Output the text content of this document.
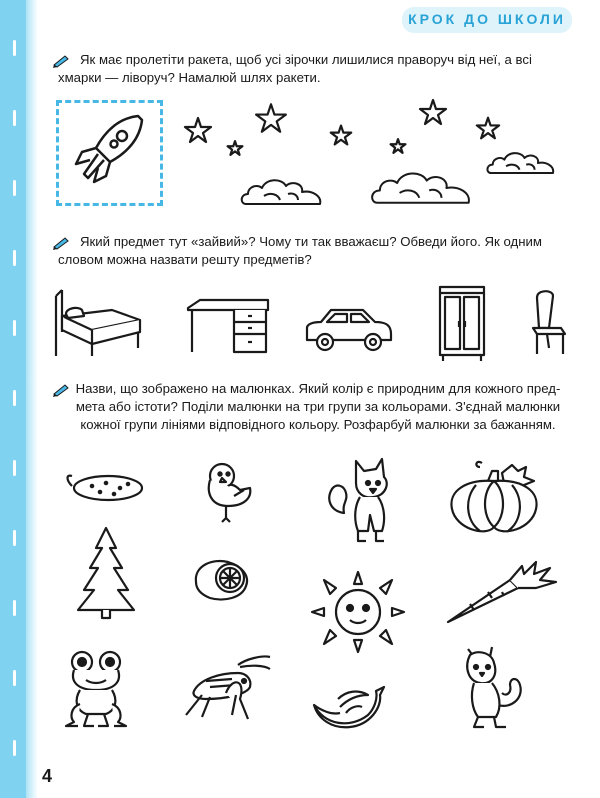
КРОК ДО ШКОЛИ
Як має пролетіти ракета, щоб усі зірочки лишилися праворуч від неї, а всі
хмарки — ліворуч? Намалюй шлях ракети.
Який предмет тут «зайвий»? Чому ти так вважаєш? Обведи його. Як одним
словом можна назвати решту предметів?
Назви, що зображено на малюнках. Який колір є природним для кожного пред-
мета або істоти? Поділи малюнки на три групи за кольорами. З'єднай малюнки
кожної групи лініями відповідного кольору. Розфарбуй малюнки за бажанням.
4
